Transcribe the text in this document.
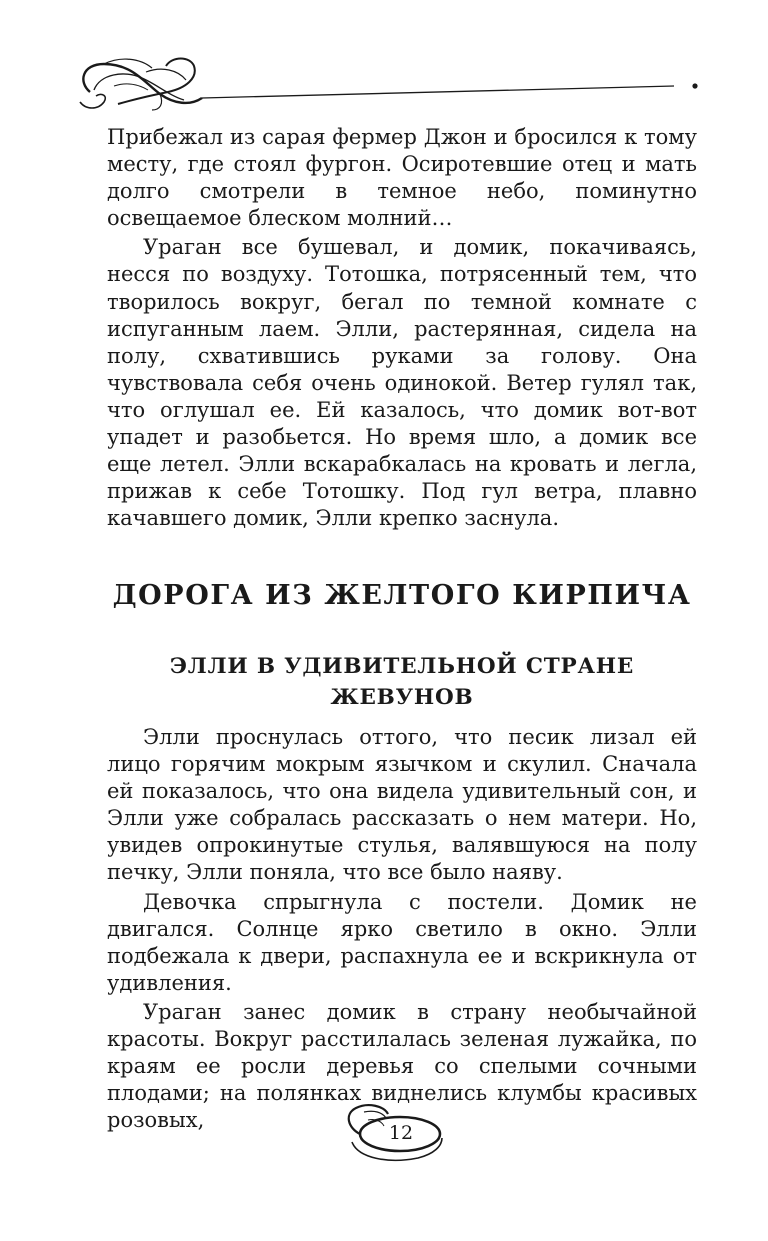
Прибежал из сарая фермер Джон и бросился к тому месту, где стоял фургон. Осиротевшие отец и мать долго смотрели в темное небо, поминутно освещаемое блеском молний…

Ураган все бушевал, и домик, покачиваясь, несся по воздуху. Тотошка, потрясенный тем, что творилось вокруг, бегал по темной комнате с испуганным лаем. Элли, растерянная, сидела на полу, схватившись руками за голову. Она чувствовала себя очень одинокой. Ветер гулял так, что оглушал ее. Ей казалось, что домик вот-вот упадет и разобьется. Но время шло, а домик все еще летел. Элли вскарабкалась на кровать и легла, прижав к себе Тотошку. Под гул ветра, плавно качавшего домик, Элли крепко заснула.

ДОРОГА ИЗ ЖЕЛТОГО КИРПИЧА
ЭЛЛИ В УДИВИТЕЛЬНОЙ СТРАНЕ
ЖЕВУНОВ

Элли проснулась оттого, что песик лизал ей лицо горячим мокрым язычком и скулил. Сначала ей показалось, что она видела удивительный сон, и Элли уже собралась рассказать о нем матери. Но, увидев опрокинутые стулья, валявшуюся на полу печку, Элли поняла, что все было наяву.

Девочка спрыгнула с постели. Домик не двигался. Солнце ярко светило в окно. Элли подбежала к двери, распахнула ее и вскрикнула от удивления.

Ураган занес домик в страну необычайной красоты. Вокруг расстилалась зеленая лужайка, по краям ее росли деревья со спелыми сочными плодами; на полянках виднелись клумбы красивых розовых,

12
